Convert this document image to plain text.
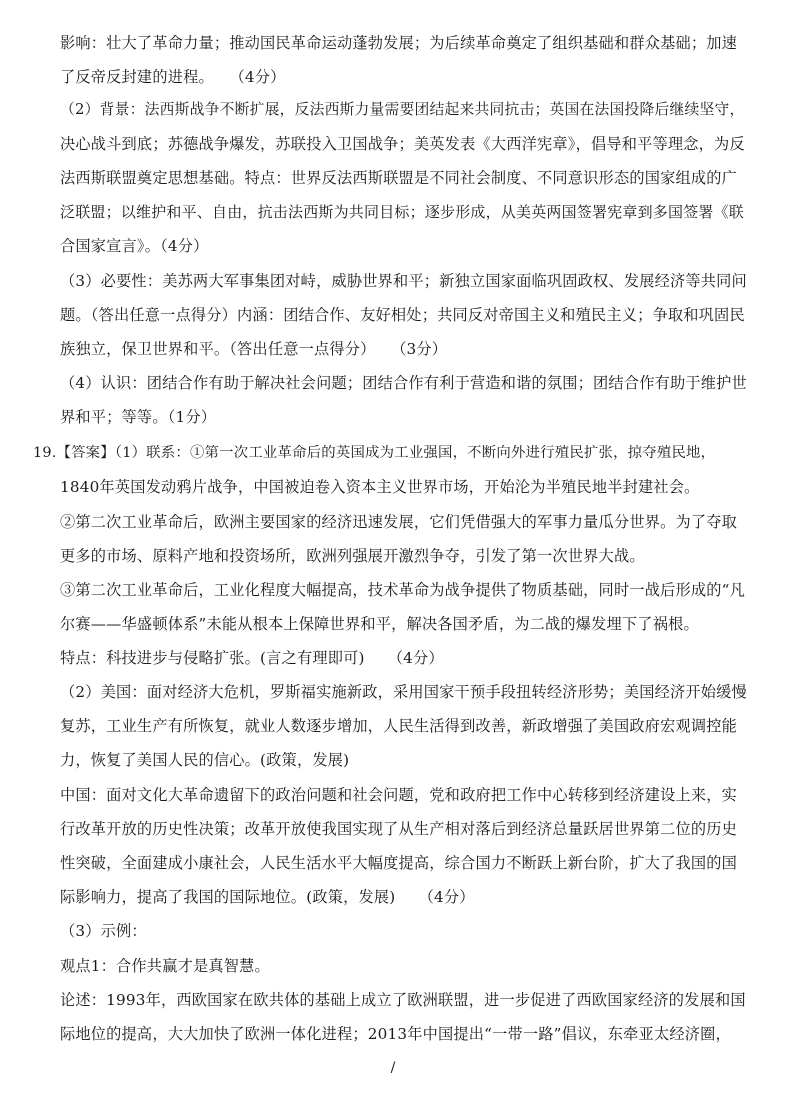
影响：壮大了革命力量；推动国民革命运动蓬勃发展；为后续革命奠定了组织基础和群众基础；加速
了反帝反封建的进程。　　（4分）
（2）背景：法西斯战争不断扩展，反法西斯力量需要团结起来共同抗击；英国在法国投降后继续坚守，
决心战斗到底；苏德战争爆发，苏联投入卫国战争；美英发表《大西洋宪章》，倡导和平等理念，为反
法西斯联盟奠定思想基础。特点：世界反法西斯联盟是不同社会制度、不同意识形态的国家组成的广
泛联盟；以维护和平、自由，抗击法西斯为共同目标；逐步形成，从美英两国签署宪章到多国签署《联
合国家宣言》。（4分）
（3）必要性：美苏两大军事集团对峙，威胁世界和平；新独立国家面临巩固政权、发展经济等共同问
题。（答出任意一点得分）内涵：团结合作、友好相处；共同反对帝国主义和殖民主义；争取和巩固民
族独立，保卫世界和平。（答出任意一点得分）　　（3分）
（4）认识：团结合作有助于解决社会问题；团结合作有利于营造和谐的氛围；团结合作有助于维护世
界和平；等等。（1分）
19.【答案】（1）联系：①第一次工业革命后的英国成为工业强国，不断向外进行殖民扩张，掠夺殖民地，
1840年英国发动鸦片战争，中国被迫卷入资本主义世界市场，开始沦为半殖民地半封建社会。
②第二次工业革命后，欧洲主要国家的经济迅速发展，它们凭借强大的军事力量瓜分世界。为了夺取
更多的市场、原料产地和投资场所，欧洲列强展开激烈争夺，引发了第一次世界大战。
③第二次工业革命后，工业化程度大幅提高，技术革命为战争提供了物质基础，同时一战后形成的“凡
尔赛——华盛顿体系”未能从根本上保障世界和平，解决各国矛盾，为二战的爆发埋下了祸根。
特点：科技进步与侵略扩张。(言之有理即可)　　（4分）
（2）美国：面对经济大危机，罗斯福实施新政，采用国家干预手段扭转经济形势；美国经济开始缓慢
复苏，工业生产有所恢复，就业人数逐步增加，人民生活得到改善，新政增强了美国政府宏观调控能
力，恢复了美国人民的信心。(政策，发展)
中国：面对文化大革命遗留下的政治问题和社会问题，党和政府把工作中心转移到经济建设上来，实
行改革开放的历史性决策；改革开放使我国实现了从生产相对落后到经济总量跃居世界第二位的历史
性突破，全面建成小康社会，人民生活水平大幅度提高，综合国力不断跃上新台阶，扩大了我国的国
际影响力，提高了我国的国际地位。(政策，发展)　　（4分）
（3）示例：
观点1：合作共赢才是真智慧。
论述：1993年，西欧国家在欧共体的基础上成立了欧洲联盟，进一步促进了西欧国家经济的发展和国
际地位的提高，大大加快了欧洲一体化进程；2013年中国提出“一带一路”倡议，东牵亚太经济圈，
/
